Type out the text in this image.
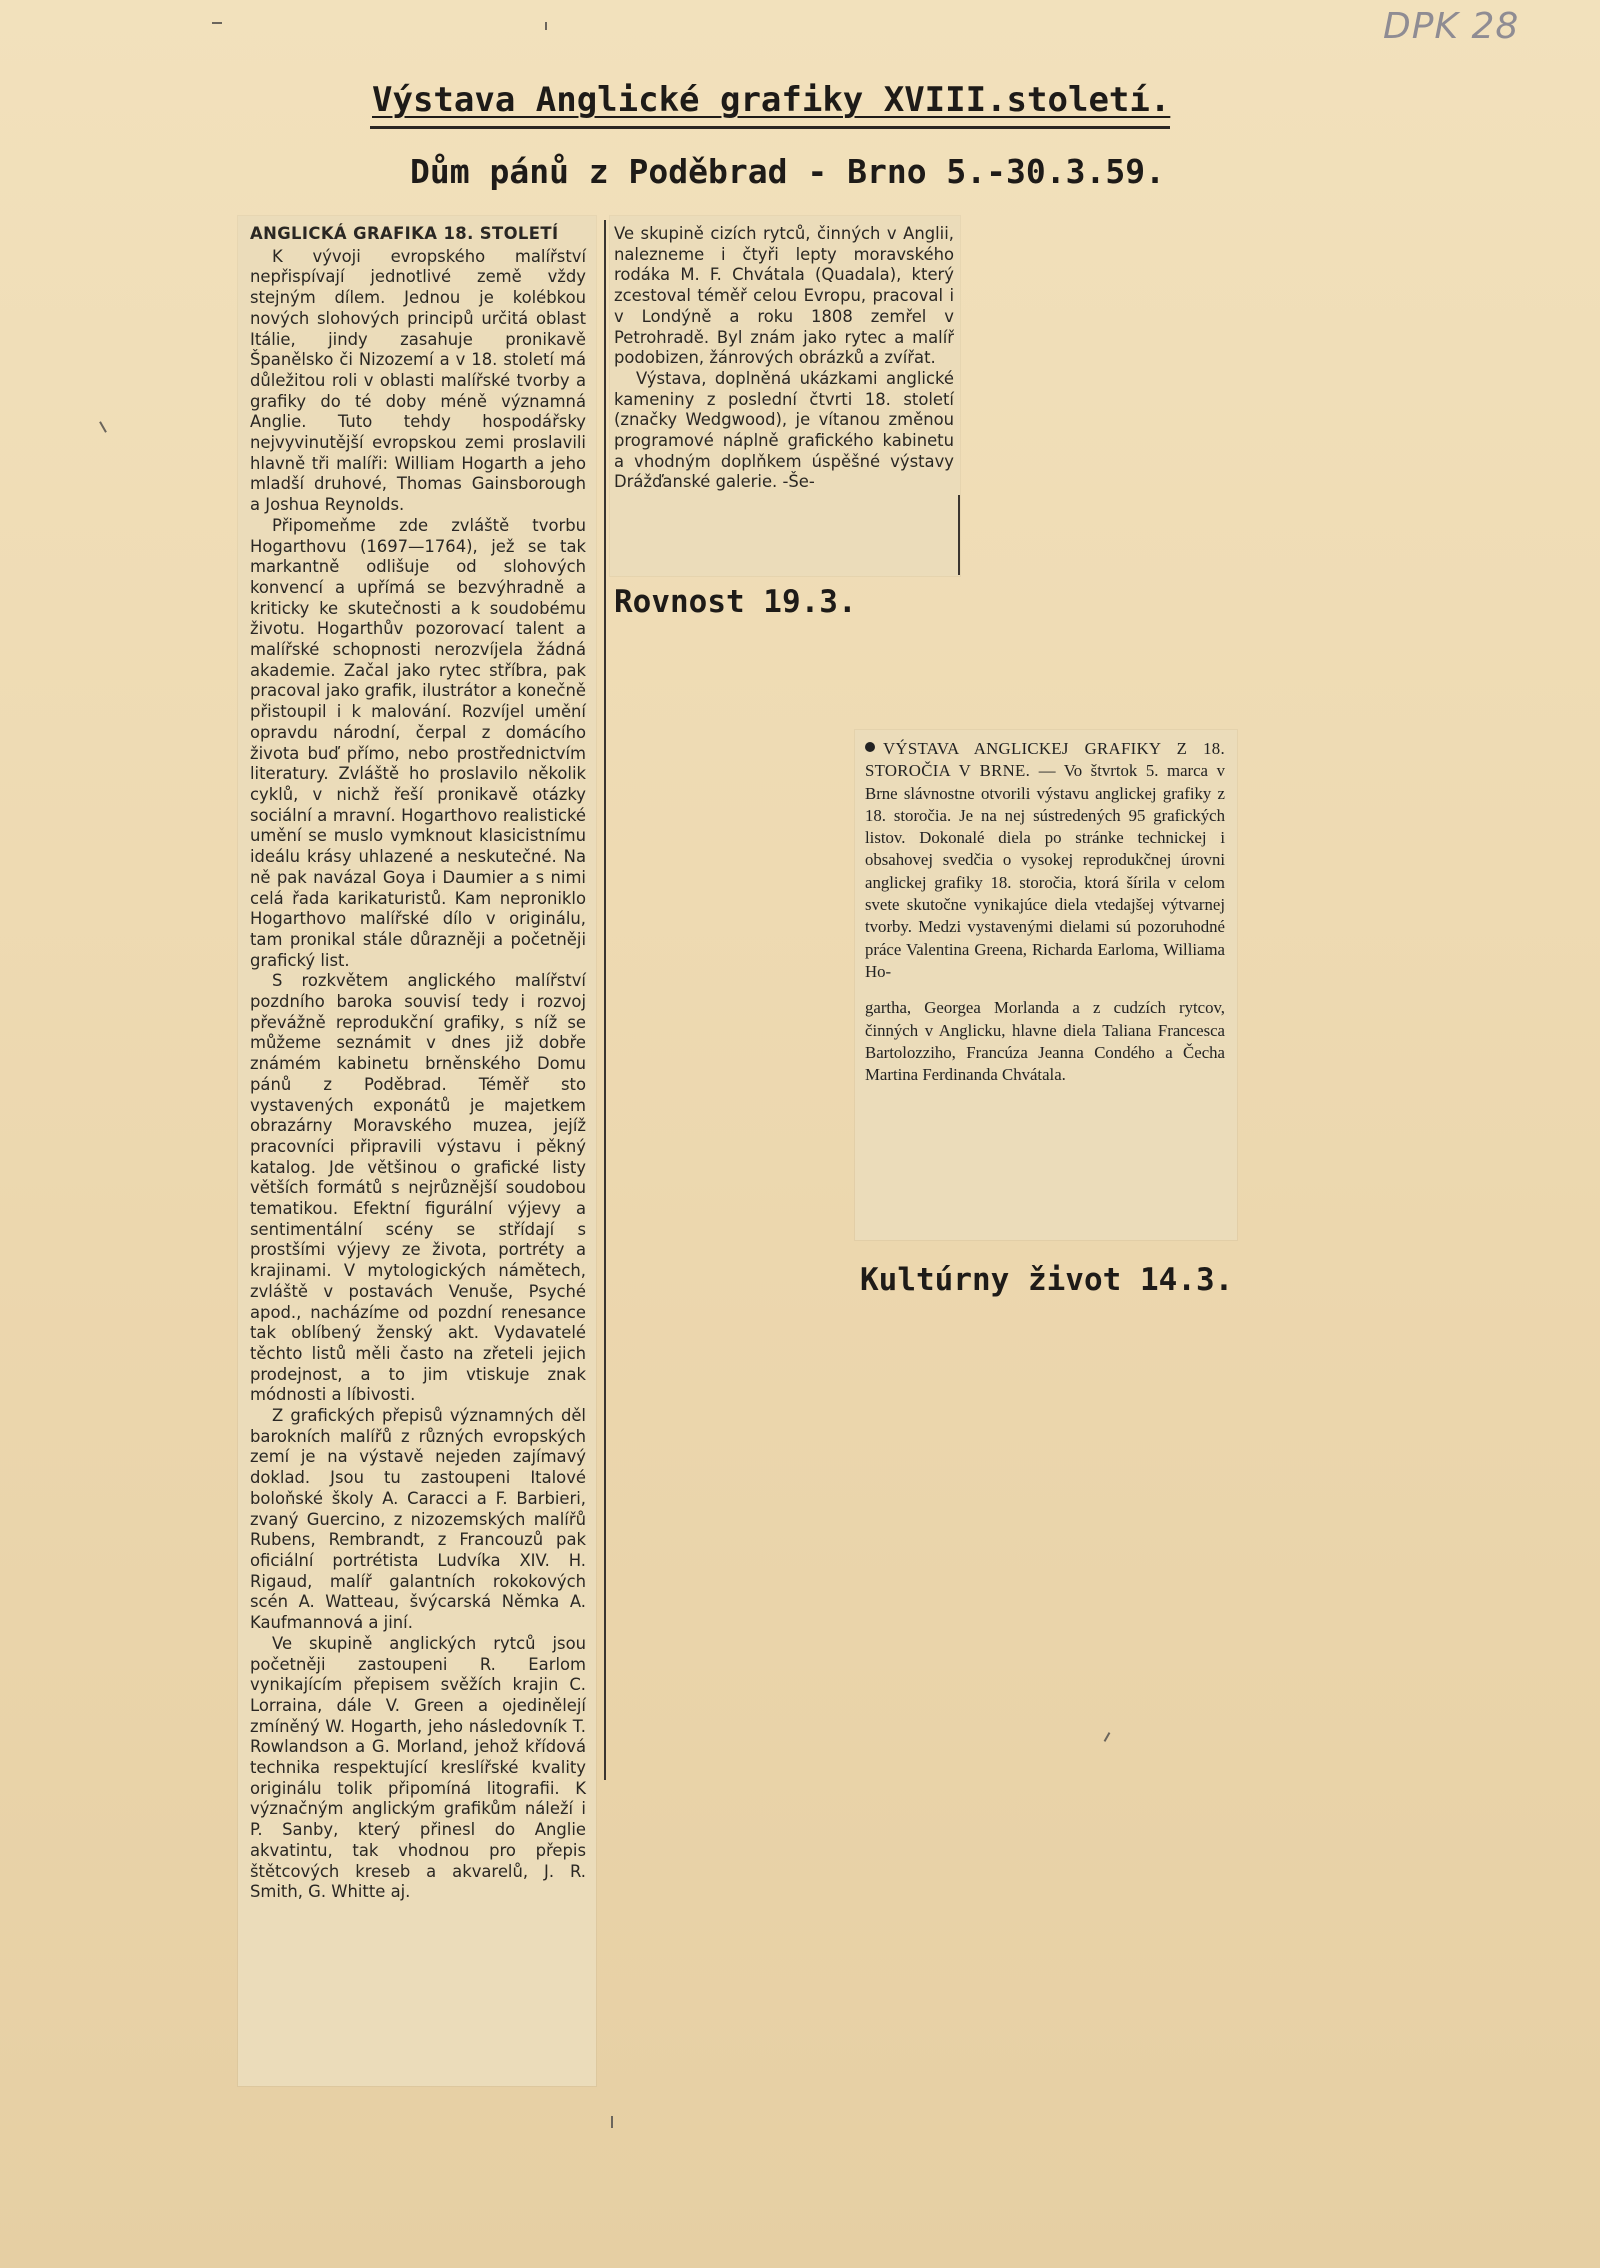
DPK 28
Výstava Anglické grafiky XVIII.století.
Dům pánů z Poděbrad - Brno 5.-30.3.59.

ANGLICKÁ GRAFIKA 18. STOLETÍ

K vývoji evropského malířství nepřispívají jednotlivé země vždy stejným dílem. Jednou je kolébkou nových slohových principů určitá oblast Itálie, jindy zasahuje pronikavě Španělsko či Nizozemí a v 18. století má důležitou roli v oblasti malířské tvorby a grafiky do té doby méně významná Anglie. Tuto tehdy hospodářsky nejvyvinutější evropskou zemi proslavili hlavně tři malíři: William Hogarth a jeho mladší druhové, Thomas Gainsborough a Joshua Reynolds.

Připomeňme zde zvláště tvorbu Hogarthovu (1697—1764), jež se tak markantně odlišuje od slohových konvencí a upřímá se bezvýhradně a kriticky ke skutečnosti a k soudobému životu. Hogarthův pozorovací talent a malířské schopnosti nerozvíjela žádná akademie. Začal jako rytec stříbra, pak pracoval jako grafik, ilustrátor a konečně přistoupil i k malování. Rozvíjel umění opravdu národní, čerpal z domácího života buď přímo, nebo prostřednictvím literatury. Zvláště ho proslavilo několik cyklů, v nichž řeší pronikavě otázky sociální a mravní. Hogarthovo realistické umění se muslo vymknout klasicistnímu ideálu krásy uhlazené a neskutečné. Na ně pak navázal Goya i Daumier a s nimi celá řada karikaturistů. Kam neproniklo Hogarthovo malířské dílo v originálu, tam pronikal stále důrazněji a početněji grafický list.

S rozkvětem anglického malířství pozdního baroka souvisí tedy i rozvoj převážně reprodukční grafiky, s níž se můžeme seznámit v dnes již dobře známém kabinetu brněnského Domu pánů z Poděbrad. Téměř sto vystavených exponátů je majetkem obrazárny Moravského muzea, jejíž pracovníci připravili výstavu i pěkný katalog. Jde většinou o grafické listy větších formátů s nejrůznější soudobou tematikou. Efektní figurální výjevy a sentimentální scény se střídají s prostšími výjevy ze života, portréty a krajinami. V mytologických námětech, zvláště v postavách Venuše, Psyché apod., nacházíme od pozdní renesance tak oblíbený ženský akt. Vydavatelé těchto listů měli často na zřeteli jejich prodejnost, a to jim vtiskuje znak módnosti a líbivosti.

Z grafických přepisů významných děl barokních malířů z různých evropských zemí je na výstavě nejeden zajímavý doklad. Jsou tu zastoupeni Italové boloňské školy A. Caracci a F. Barbieri, zvaný Guercino, z nizozemských malířů Rubens, Rembrandt, z Francouzů pak oficiální portrétista Ludvíka XIV. H. Rigaud, malíř galantních rokokových scén A. Watteau, švýcarská Němka A. Kaufmannová a jiní.

Ve skupině anglických rytců jsou početněji zastoupeni R. Earlom vynikajícím přepisem svěžích krajin C. Lorraina, dále V. Green a ojedinělejí zmíněný W. Hogarth, jeho následovník T. Rowlandson a G. Morland, jehož křídová technika respektující kreslířské kvality originálu tolik připomíná litografii. K význačným anglickým grafikům náleží i P. Sanby, který přinesl do Anglie akvatintu, tak vhodnou pro přepis štětcových kreseb a akvarelů, J. R. Smith, G. Whitte aj.

Ve skupině cizích rytců, činných v Anglii, nalezneme i čtyři lepty moravského rodáka M. F. Chvátala (Quadala), který zcestoval téměř celou Evropu, pracoval i v Londýně a roku 1808 zemřel v Petrohradě. Byl znám jako rytec a malíř podobizen, žánrových obrázků a zvířat.

Výstava, doplněná ukázkami anglické kameniny z poslední čtvrti 18. století (značky Wedgwood), je vítanou změnou programové náplně grafického kabinetu a vhodným doplňkem úspěšné výstavy Drážďanské galerie. -Še-

Rovnost 19.3.

VÝSTAVA ANGLICKEJ GRAFIKY Z 18. STOROČIA V BRNE. — Vo štvrtok 5. marca v Brne slávnostne otvorili výstavu anglickej grafiky z 18. storočia. Je na nej sústredených 95 grafických listov. Dokonalé diela po stránke technickej i obsahovej svedčia o vysokej reprodukčnej úrovni anglickej grafiky 18. storočia, ktorá šírila v celom svete skutočne vynikajúce diela vtedajšej výtvarnej tvorby. Medzi vystavenými dielami sú pozoruhodné práce Valentina Greena, Richarda Earloma, Williama Ho-

gartha, Georgea Morlanda a z cudzích rytcov, činných v Anglicku, hlavne diela Taliana Francesca Bartolozziho, Francúza Jeanna Condého a Čecha Martina Ferdinanda Chvátala.

Kultúrny život 14.3.
